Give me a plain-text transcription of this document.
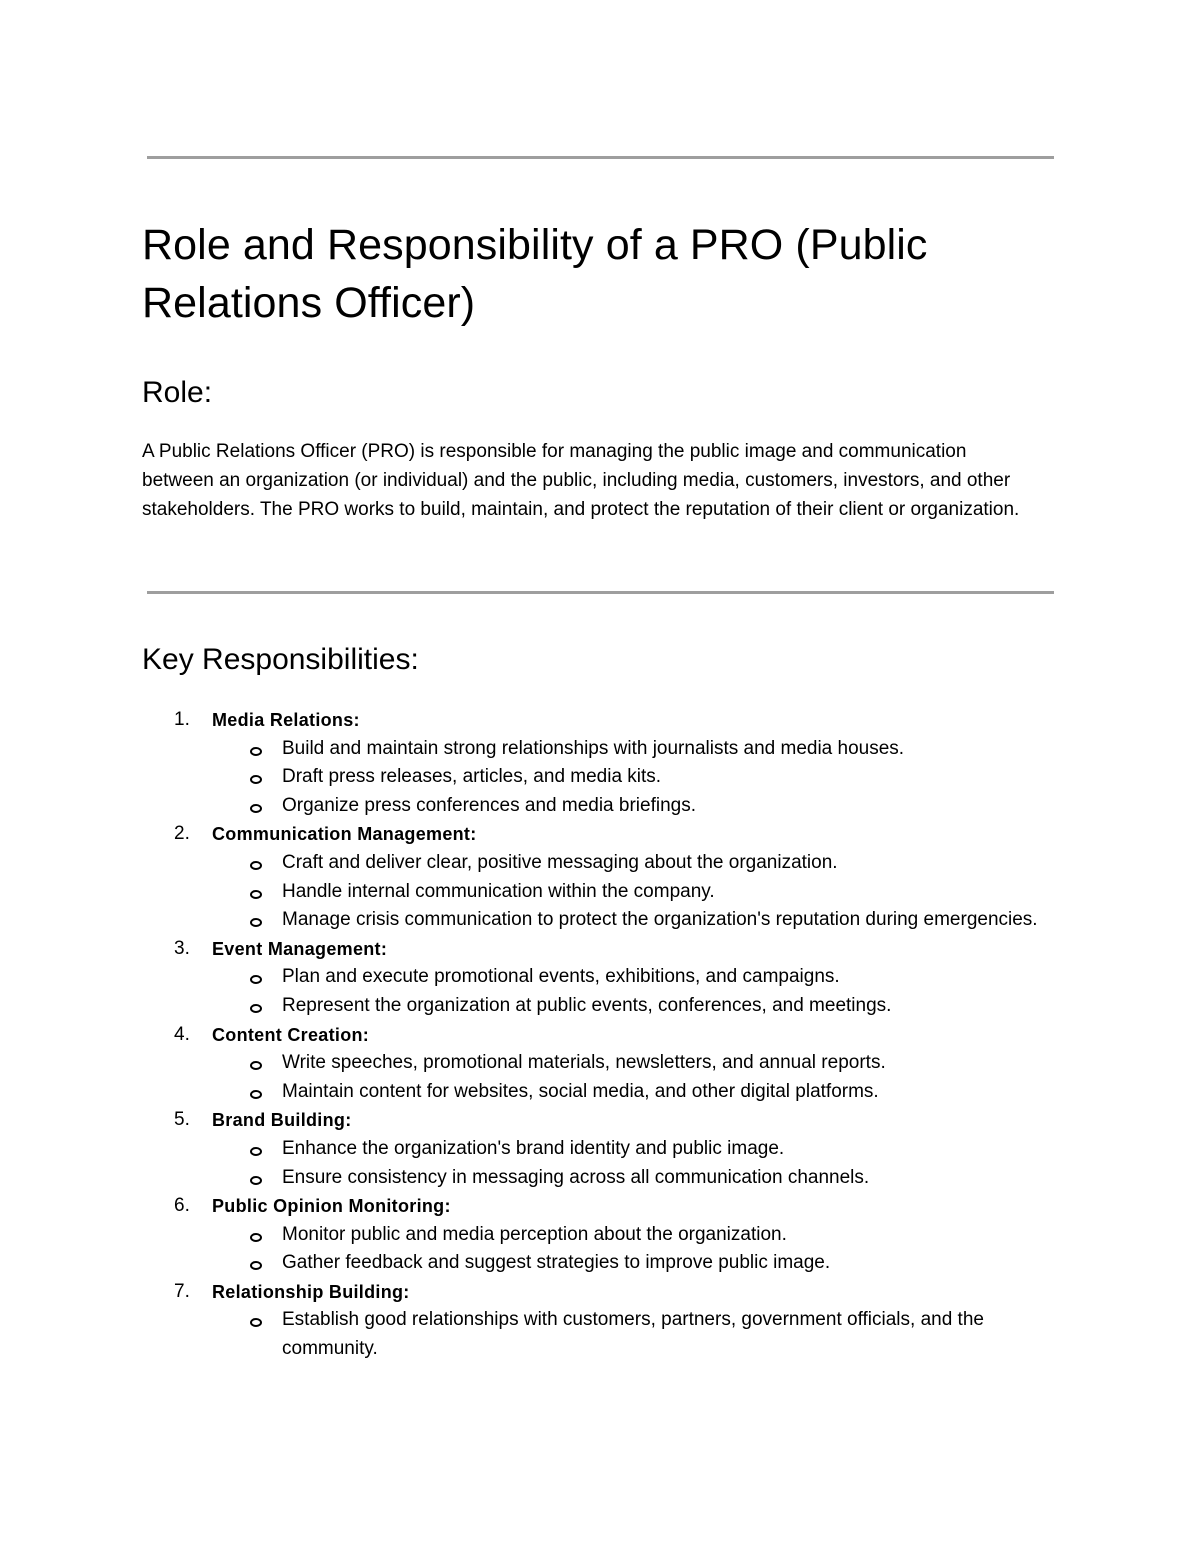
Role and Responsibility of a PRO (Public Relations Officer)
Role:

A Public Relations Officer (PRO) is responsible for managing the public image and communication between an organization (or individual) and the public, including media, customers, investors, and other stakeholders. The PRO works to build, maintain, and protect the reputation of their client or organization.

Key Responsibilities:
1. Media Relations:
Build and maintain strong relationships with journalists and media houses.
Draft press releases, articles, and media kits.
Organize press conferences and media briefings.
2. Communication Management:
Craft and deliver clear, positive messaging about the organization.
Handle internal communication within the company.
Manage crisis communication to protect the organization's reputation during emergencies.
3. Event Management:
Plan and execute promotional events, exhibitions, and campaigns.
Represent the organization at public events, conferences, and meetings.
4. Content Creation:
Write speeches, promotional materials, newsletters, and annual reports.
Maintain content for websites, social media, and other digital platforms.
5. Brand Building:
Enhance the organization's brand identity and public image.
Ensure consistency in messaging across all communication channels.
6. Public Opinion Monitoring:
Monitor public and media perception about the organization.
Gather feedback and suggest strategies to improve public image.
7. Relationship Building:
Establish good relationships with customers, partners, government officials, and the community.
